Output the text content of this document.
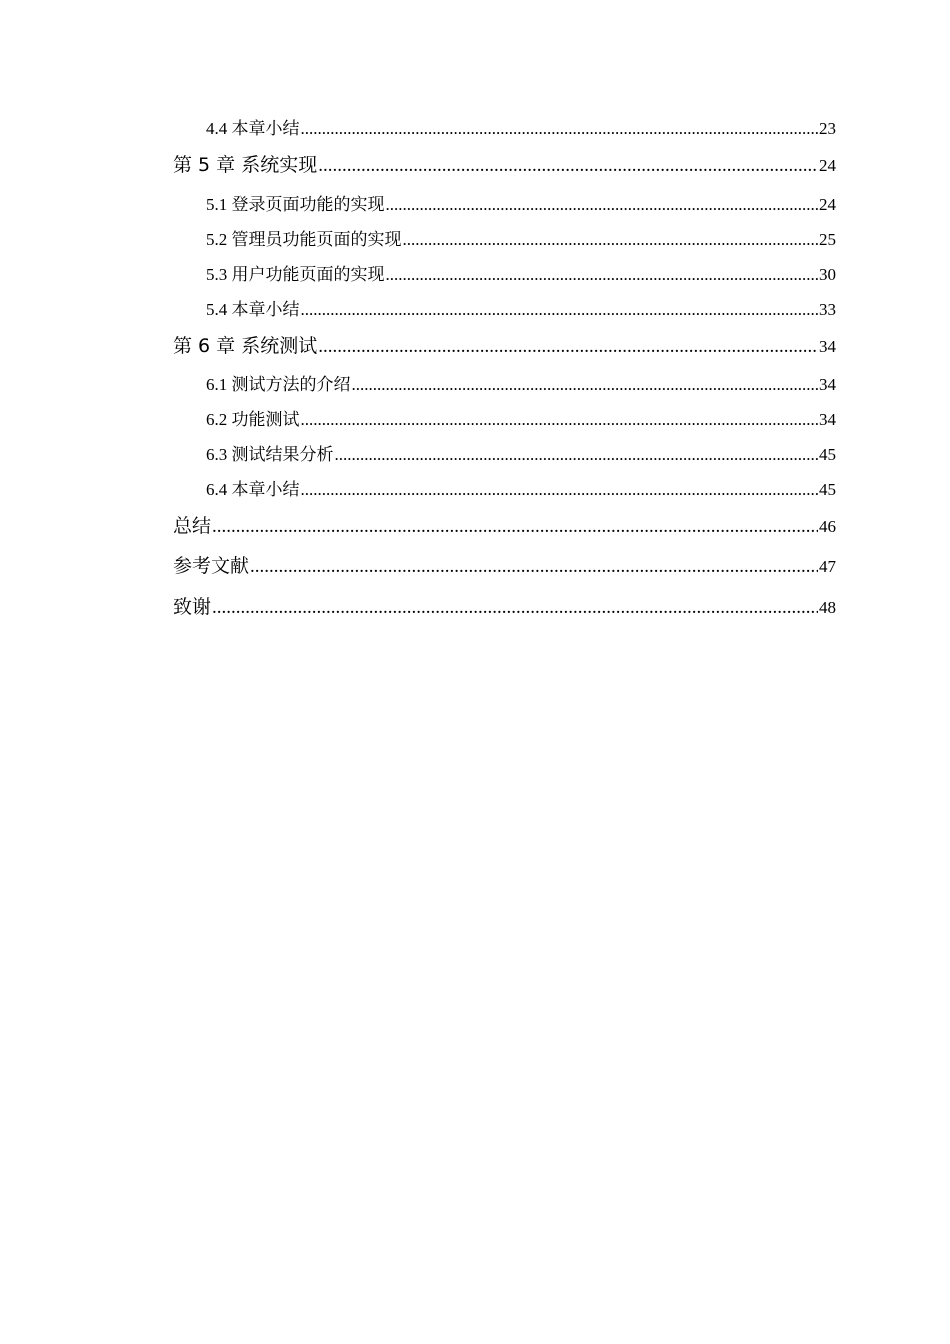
4.4 本章小结 .....	23
第 5 章 系统实现 .....	24
5.1 登录页面功能的实现 .....	24
5.2 管理员功能页面的实现 .....	25
5.3 用户功能页面的实现 .....	30
5.4 本章小结 .....	33
第 6 章 系统测试 .....	34
6.1 测试方法的介绍 .....	34
6.2 功能测试 .....	34
6.3 测试结果分析 .....	45
6.4 本章小结 .....	45
总结 .....	46
参考文献 .....	47
致谢 .....	48
